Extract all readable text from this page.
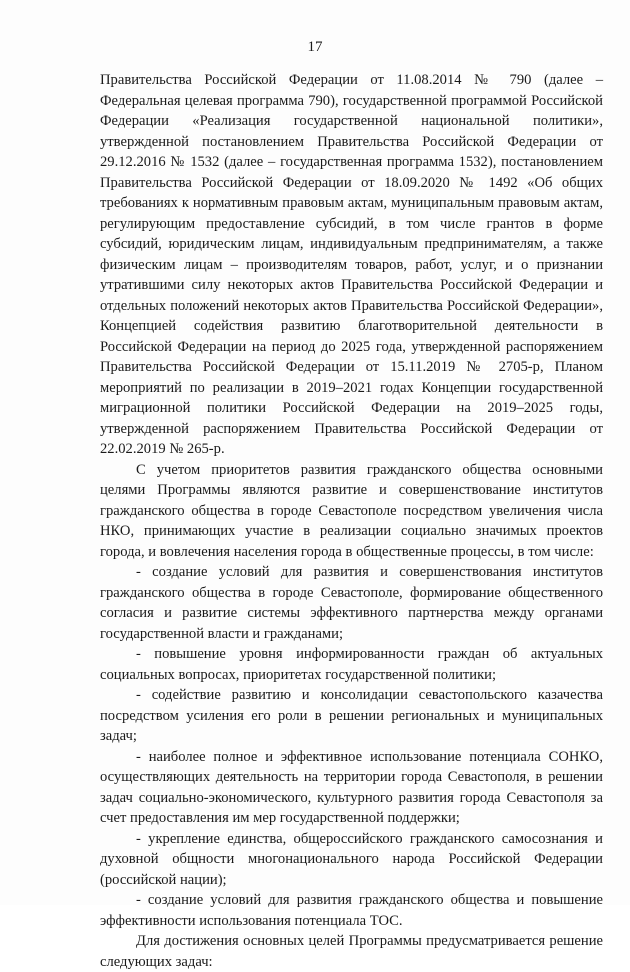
17

Правительства Российской Федерации от 11.08.2014 № 790 (далее – Федеральная целевая программа 790), государственной программой Российской Федерации «Реализация государственной национальной политики», утвержденной постановлением Правительства Российской Федерации от 29.12.2016 № 1532 (далее – государственная программа 1532), постановлением Правительства Российской Федерации от 18.09.2020 № 1492 «Об общих требованиях к нормативным правовым актам, муниципальным правовым актам, регулирующим предоставление субсидий, в том числе грантов в форме субсидий, юридическим лицам, индивидуальным предпринимателям, а также физическим лицам – производителям товаров, работ, услуг, и о признании утратившими силу некоторых актов Правительства Российской Федерации и отдельных положений некоторых актов Правительства Российской Федерации», Концепцией содействия развитию благотворительной деятельности в Российской Федерации на период до 2025 года, утвержденной распоряжением Правительства Российской Федерации от 15.11.2019 № 2705-р, Планом мероприятий по реализации в 2019–2021 годах Концепции государственной миграционной политики Российской Федерации на 2019–2025 годы, утвержденной распоряжением Правительства Российской Федерации от 22.02.2019 № 265-р.

С учетом приоритетов развития гражданского общества основными целями Программы являются развитие и совершенствование институтов гражданского общества в городе Севастополе посредством увеличения числа НКО, принимающих участие в реализации социально значимых проектов города, и вовлечения населения города в общественные процессы, в том числе:

- создание условий для развития и совершенствования институтов гражданского общества в городе Севастополе, формирование общественного согласия и развитие системы эффективного партнерства между органами государственной власти и гражданами;

- повышение уровня информированности граждан об актуальных социальных вопросах, приоритетах государственной политики;

- содействие развитию и консолидации севастопольского казачества посредством усиления его роли в решении региональных и муниципальных задач;

- наиболее полное и эффективное использование потенциала СОНКО, осуществляющих деятельность на территории города Севастополя, в решении задач социально-экономического, культурного развития города Севастополя за счет предоставления им мер государственной поддержки;

- укрепление единства, общероссийского гражданского самосознания и духовной общности многонационального народа Российской Федерации (российской нации);

- создание условий для развития гражданского общества и повышение эффективности использования потенциала ТОС.

Для достижения основных целей Программы предусматривается решение следующих задач:
